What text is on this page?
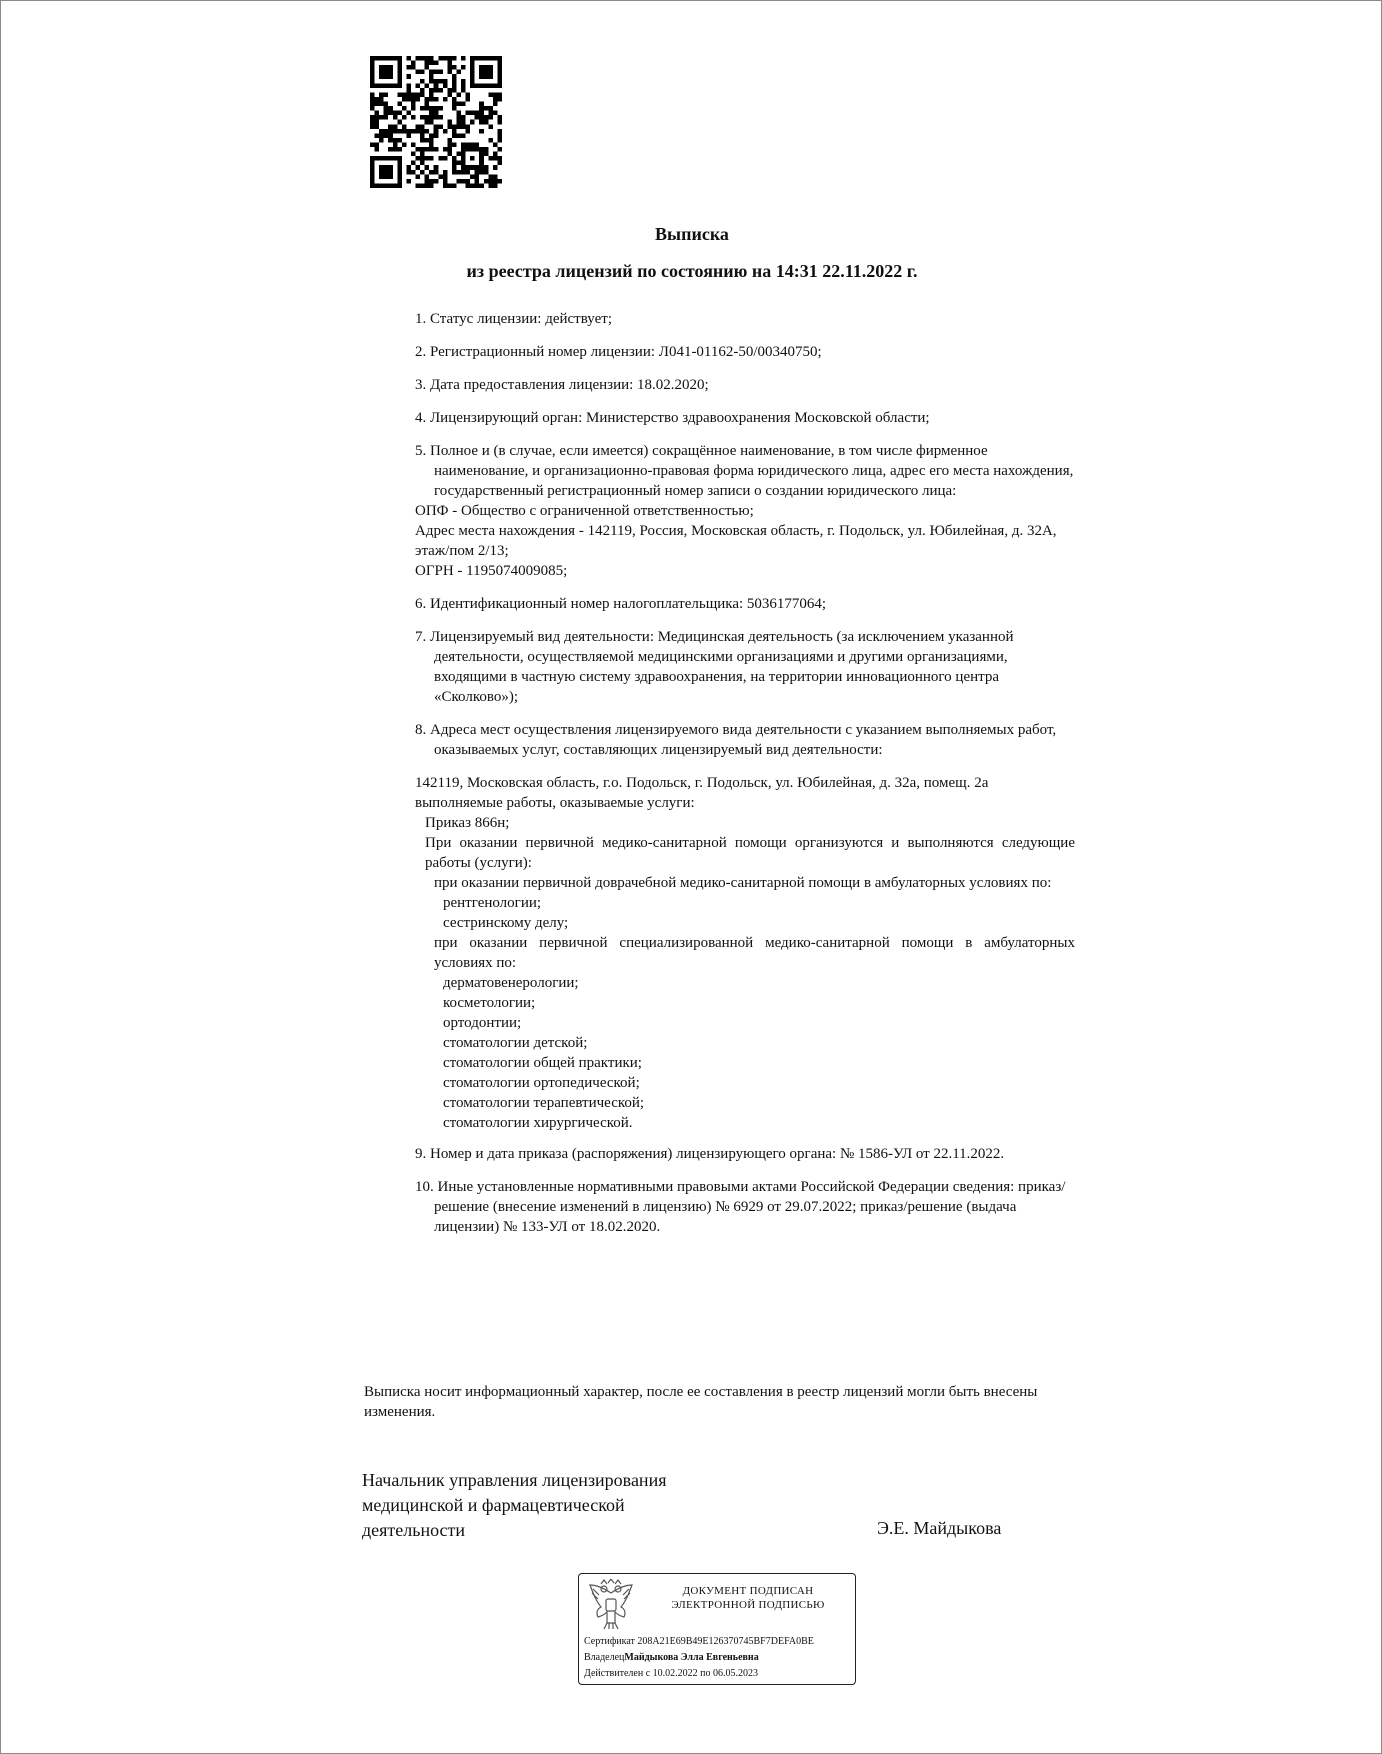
Выписка
из реестра лицензий по состоянию на 14:31 22.11.2022 г.

1. Статус лицензии: действует;

2. Регистрационный номер лицензии: Л041-01162-50/00340750;

3. Дата предоставления лицензии: 18.02.2020;

4. Лицензирующий орган: Министерство здравоохранения Московской области;

5. Полное и (в случае, если имеется) сокращённое наименование, в том числе фирменное наименование, и организационно-правовая форма юридического лица, адрес его места нахождения, государственный регистрационный номер записи о создании юридического лица:

ОПФ - Общество с ограниченной ответственностью;

Адрес места нахождения - 142119, Россия, Московская область, г. Подольск, ул. Юбилейная, д. 32А, этаж/пом 2/13;

ОГРН - 1195074009085;

6. Идентификационный номер налогоплательщика: 5036177064;

7. Лицензируемый вид деятельности: Медицинская деятельность (за исключением указанной деятельности, осуществляемой медицинскими организациями и другими организациями, входящими в частную систему здравоохранения, на территории инновационного центра «Сколково»);

8. Адреса мест осуществления лицензируемого вида деятельности с указанием выполняемых работ, оказываемых услуг, составляющих лицензируемый вид деятельности:

142119, Московская область, г.о. Подольск, г. Подольск, ул. Юбилейная, д. 32а, помещ. 2а

выполняемые работы, оказываемые услуги:

Приказ 866н;

При оказании первичной медико-санитарной помощи организуются и выполняются следующие работы (услуги):

при оказании первичной доврачебной медико-санитарной помощи в амбулаторных условиях по:

рентгенологии;

сестринскому делу;

при оказании первичной специализированной медико-санитарной помощи в амбулаторных условиях по:

дерматовенерологии;

косметологии;

ортодонтии;

стоматологии детской;

стоматологии общей практики;

стоматологии ортопедической;

стоматологии терапевтической;

стоматологии хирургической.

9. Номер и дата приказа (распоряжения) лицензирующего органа: № 1586-УЛ от 22.11.2022.

10. Иные установленные нормативными правовыми актами Российской Федерации сведения: приказ/решение (внесение изменений в лицензию) № 6929 от 29.07.2022; приказ/решение (выдача лицензии) № 133-УЛ от 18.02.2020.

Выписка носит информационный характер, после ее составления в реестр лицензий могли быть внесены изменения.

Начальник управления лицензирования

медицинской и фармацевтической

деятельности	Э.Е. Майдыкова
ДОКУМЕНТ ПОДПИСАН
ЭЛЕКТРОННОЙ ПОДПИСЬЮ

Сертификат 208A21E69B49E126370745BF7DEFA0BE

ВладелецМайдыкова Элла Евгеньевна

Действителен с 10.02.2022 по 06.05.2023
